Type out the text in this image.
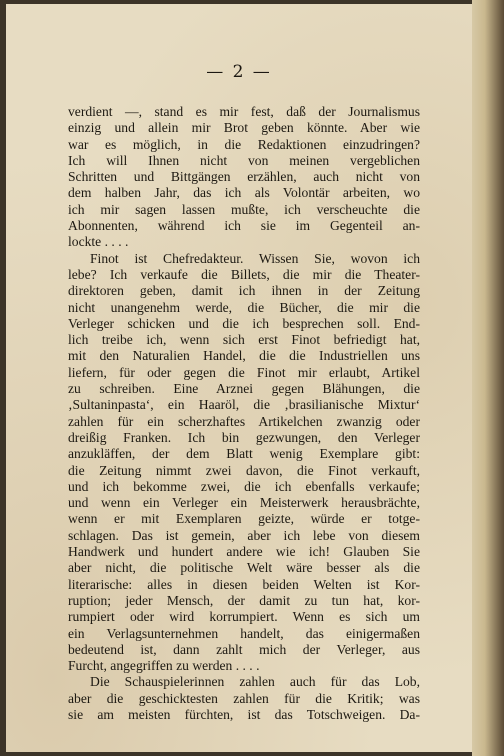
— 2 —
verdient —, stand es mir fest, daß der Journalismus
einzig und allein mir Brot geben könnte. Aber wie
war es möglich, in die Redaktionen einzudringen?
Ich will Ihnen nicht von meinen vergeblichen
Schritten und Bittgängen erzählen, auch nicht von
dem halben Jahr, das ich als Volontär arbeiten, wo
ich mir sagen lassen mußte, ich verscheuchte die
Abonnenten, während ich sie im Gegenteil an-
lockte . . . .
Finot ist Chefredakteur. Wissen Sie, wovon ich
lebe? Ich verkaufe die Billets, die mir die Theater-
direktoren geben, damit ich ihnen in der Zeitung
nicht unangenehm werde, die Bücher, die mir die
Verleger schicken und die ich besprechen soll. End-
lich treibe ich, wenn sich erst Finot befriedigt hat,
mit den Naturalien Handel, die die Industriellen uns
liefern, für oder gegen die Finot mir erlaubt, Artikel
zu schreiben. Eine Arznei gegen Blähungen, die
‚Sultaninpasta‘, ein Haaröl, die ‚brasilianische Mixtur‘
zahlen für ein scherzhaftes Artikelchen zwanzig oder
dreißig Franken. Ich bin gezwungen, den Verleger
anzukläffen, der dem Blatt wenig Exemplare gibt:
die Zeitung nimmt zwei davon, die Finot verkauft,
und ich bekomme zwei, die ich ebenfalls verkaufe;
und wenn ein Verleger ein Meisterwerk herausbrächte,
wenn er mit Exemplaren geizte, würde er totge-
schlagen. Das ist gemein, aber ich lebe von diesem
Handwerk und hundert andere wie ich! Glauben Sie
aber nicht, die politische Welt wäre besser als die
literarische: alles in diesen beiden Welten ist Kor-
ruption; jeder Mensch, der damit zu tun hat, kor-
rumpiert oder wird korrumpiert. Wenn es sich um
ein Verlagsunternehmen handelt, das einigermaßen
bedeutend ist, dann zahlt mich der Verleger, aus
Furcht, angegriffen zu werden . . . .
Die Schauspielerinnen zahlen auch für das Lob,
aber die geschicktesten zahlen für die Kritik; was
sie am meisten fürchten, ist das Totschweigen. Da-
